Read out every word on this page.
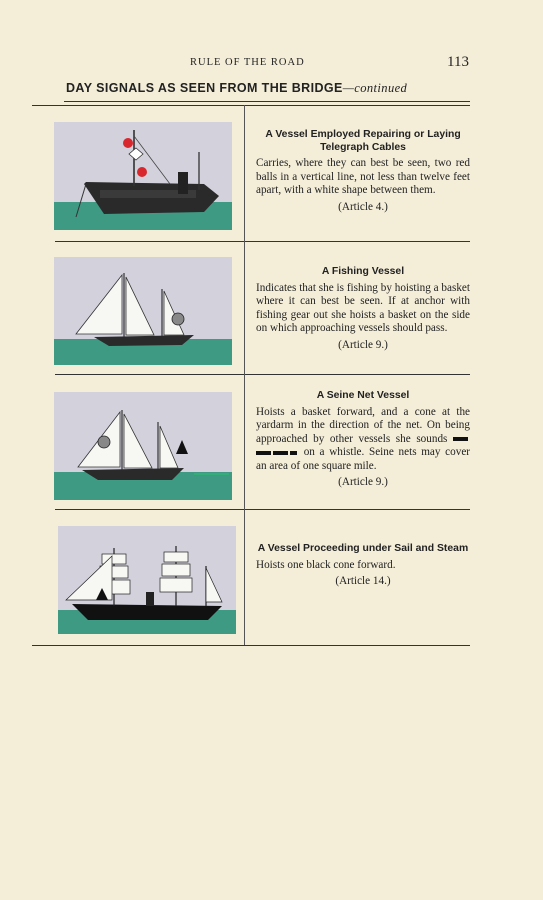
RULE OF THE ROAD	113
DAY SIGNALS AS SEEN FROM THE BRIDGE—continued
A Vessel Employed Repairing or Laying Telegraph Cables
Carries, where they can best be seen, two red balls in a vertical line, not less than twelve feet apart, with a white shape between them.
(Article 4.)
A Fishing Vessel
Indicates that she is fishing by hoisting a basket where it can best be seen. If at anchor with fishing gear out she hoists a basket on the side on which approaching vessels should pass.
(Article 9.)
A Seine Net Vessel
Hoists a basket forward, and a cone at the yardarm in the direction of the net. On being approached by other vessels she sounds  on a whistle. Seine nets may cover an area of one square mile.
(Article 9.)
A Vessel Proceeding under Sail and Steam
Hoists one black cone forward.
(Article 14.)
